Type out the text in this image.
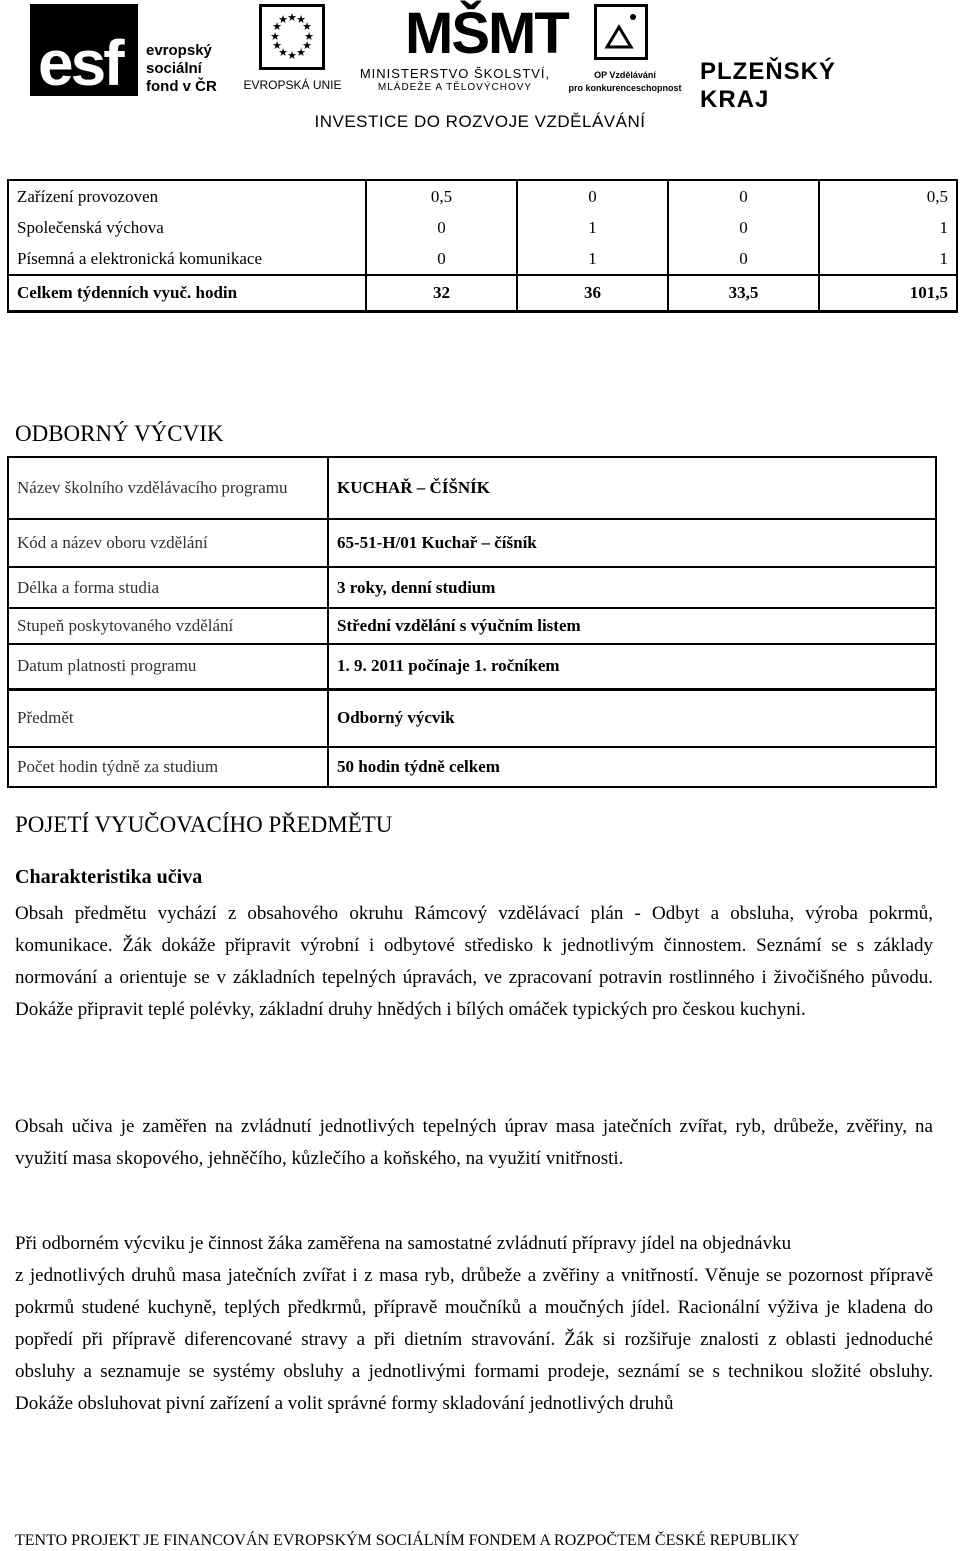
esf evropský
sociální
fond v ČR
★ ★
★
★
★
★
★
★
★
★
★
★
EVROPSKÁ UNIE
MŠMT
MINISTERSTVO ŠKOLSTVÍ,
MLÁDEŽE A TĚLOVÝCHOVY
OP Vzdělávání
pro konkurenceschopnost
PLZEŇSKÝ KRAJ
INVESTICE DO ROZVOJE VZDĚLÁVÁNÍ
Zařízení provozoven	0,5	0	0	0,5
Společenská výchova	0	1	0	1
Písemná a elektronická komunikace	0	1	0	1
Celkem týdenních vyuč. hodin	32	36	33,5	101,5
ODBORNÝ VÝCVIK
Název školního vzdělávacího programu	KUCHAŘ – ČÍŠNÍK
Kód a název oboru vzdělání	65-51-H/01 Kuchař – číšník
Délka a forma studia	3 roky, denní studium
Stupeň poskytovaného vzdělání	Střední vzdělání s výučním listem
Datum platnosti programu	1. 9. 2011 počínaje 1. ročníkem
Předmět	Odborný výcvik
Počet hodin týdně za studium	50 hodin týdně celkem
POJETÍ VYUČOVACÍHO PŘEDMĚTU
Charakteristika učiva

Obsah předmětu vychází z obsahového okruhu Rámcový vzdělávací plán - Odbyt a obsluha, výroba pokrmů, komunikace. Žák dokáže připravit výrobní i odbytové středisko k jednotlivým činnostem. Seznámí se s základy normování a orientuje se v základních tepelných úpravách, ve zpracovaní potravin rostlinného i živočišného původu. Dokáže připravit teplé polévky, základní druhy hnědých i bílých omáček typických pro českou kuchyni.

Obsah učiva je zaměřen na zvládnutí jednotlivých tepelných úprav masa jatečních zvířat, ryb, drůbeže, zvěřiny, na využití masa skopového, jehněčího, kůzlečího a koňského, na využití vnitřnosti.

Při odborném výcviku je činnost žáka zaměřena na samostatné zvládnutí přípravy jídel na objednávku

z jednotlivých druhů masa jatečních zvířat i z masa ryb, drůbeže a zvěřiny a vnitřností. Věnuje se pozornost přípravě pokrmů studené kuchyně, teplých předkrmů, přípravě moučníků a moučných jídel. Racionální výživa je kladena do popředí při přípravě diferencované stravy a při dietním stravování. Žák si rozšiřuje znalosti z oblasti jednoduché obsluhy a seznamuje se systémy obsluhy a jednotlivými formami prodeje, seznámí se s technikou složité obsluhy. Dokáže obsluhovat pivní zařízení a volit správné formy skladování jednotlivých druhů

TENTO PROJEKT JE FINANCOVÁN EVROPSKÝM SOCIÁLNÍM FONDEM A ROZPOČTEM ČESKÉ REPUBLIKY
